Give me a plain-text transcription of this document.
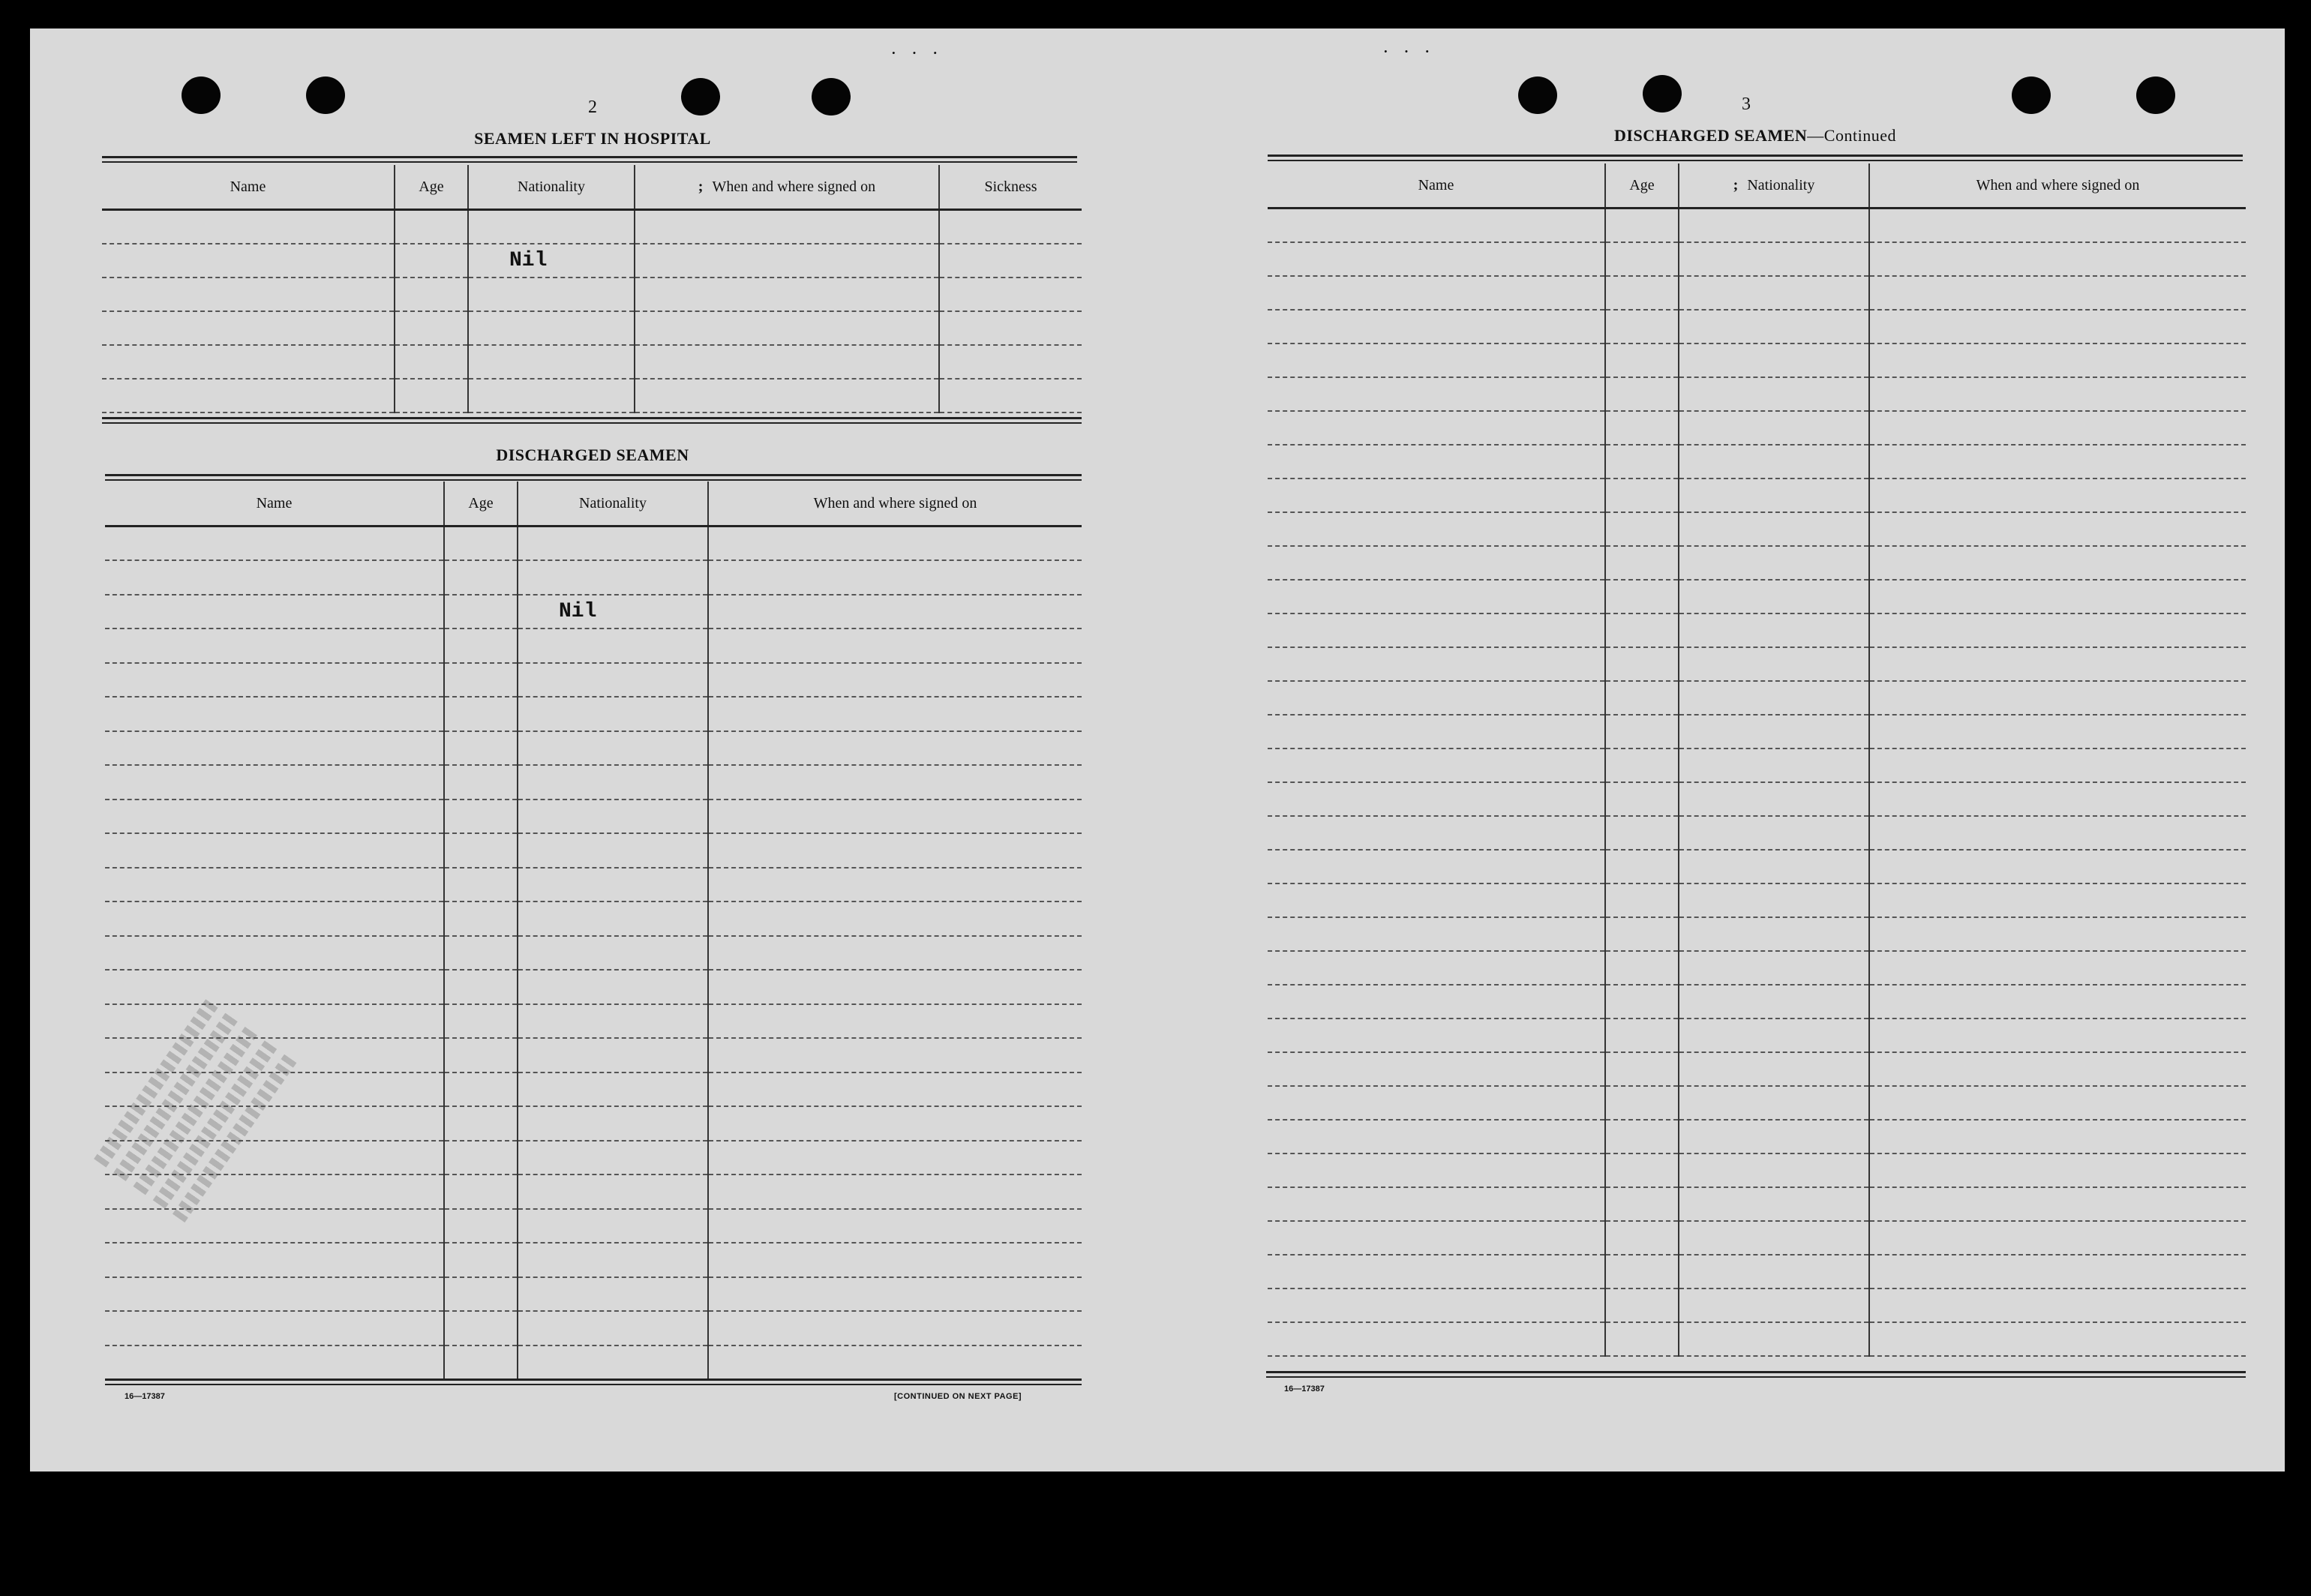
˙ ˙ ˙	˙ ˙ ˙
2
SEAMEN LEFT IN HOSPITAL
Name	Age	Nationality	; When and where signed on	Sickness

		Nil		

DISCHARGED SEAMEN
Name	Age	Nationality	When and where signed on

		Nil	

16—17387	[CONTINUED ON NEXT PAGE]
3
DISCHARGED SEAMEN—Continued
Name	Age	; Nationality	When and where signed on

16—17387
